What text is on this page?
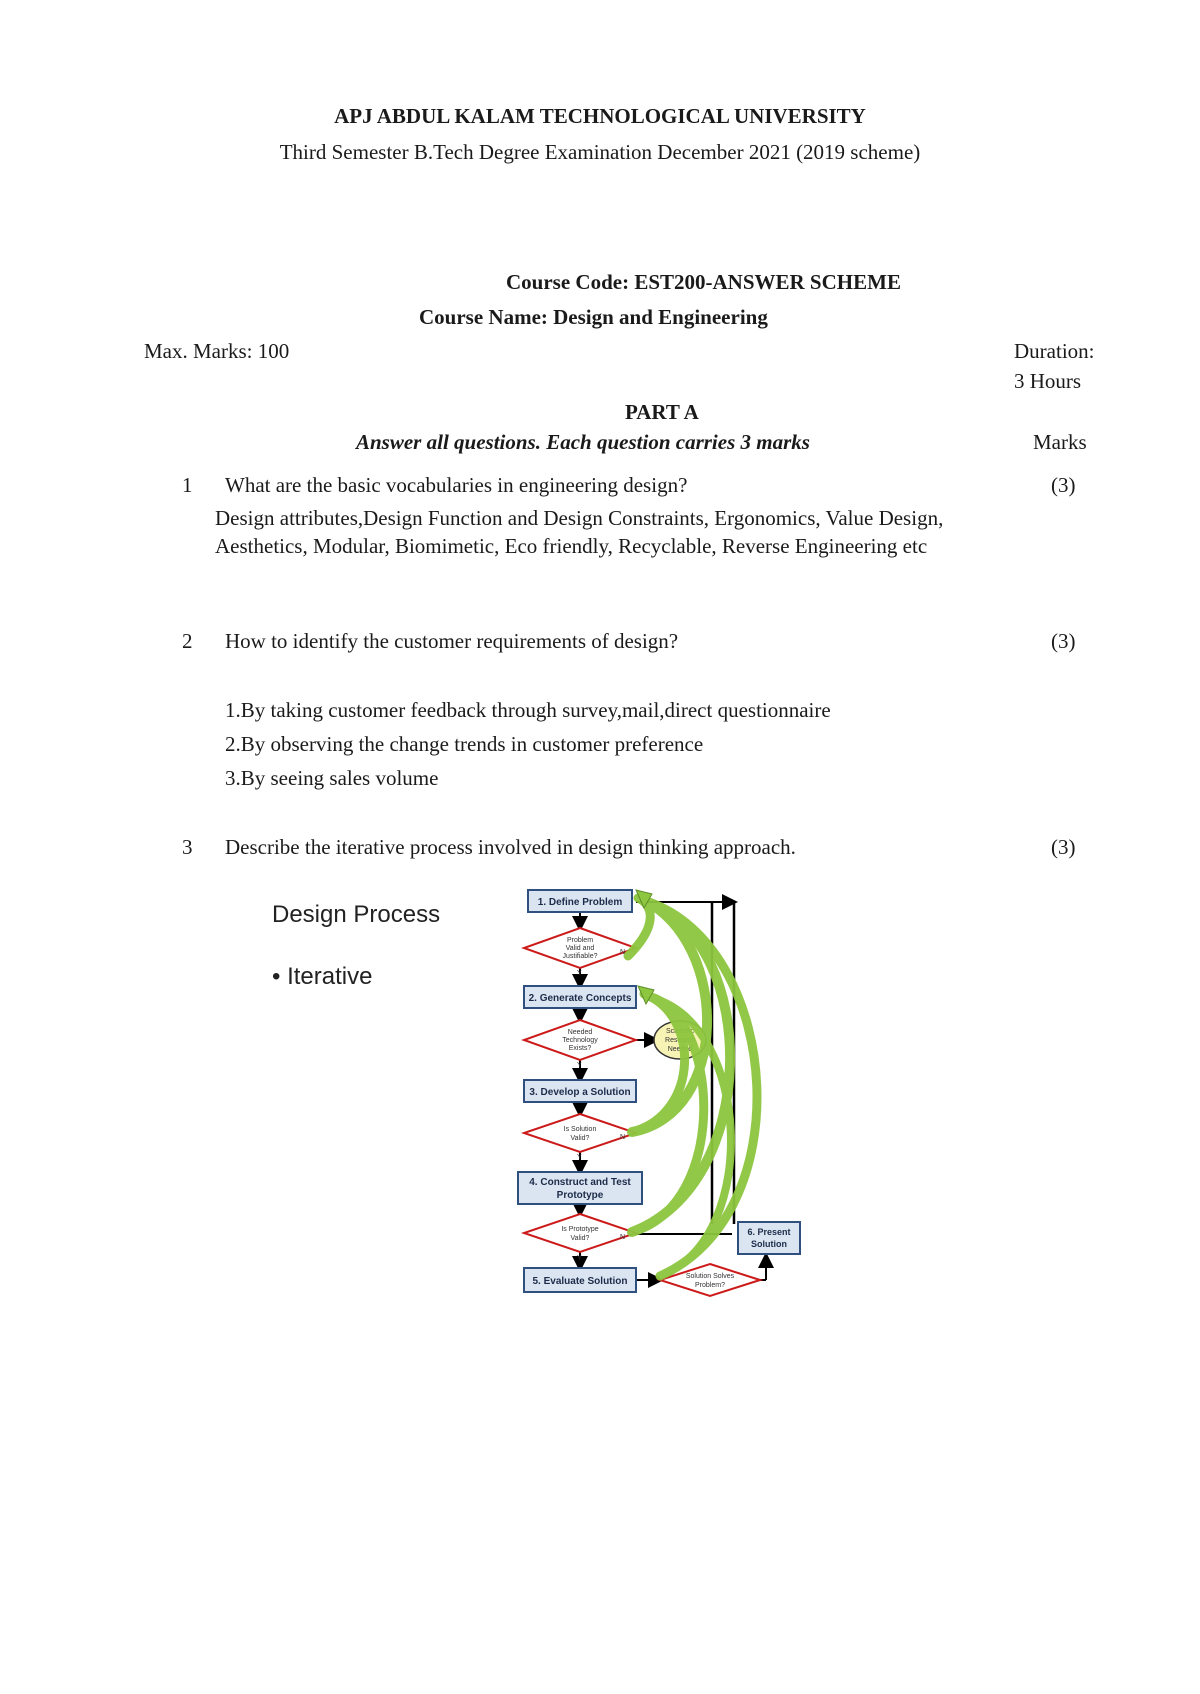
APJ ABDUL KALAM TECHNOLOGICAL UNIVERSITY
Third Semester B.Tech Degree Examination December 2021 (2019 scheme)
Course Code: EST200-ANSWER SCHEME
Course Name: Design and Engineering
Max. Marks: 100	Duration:
3 Hours
PART A
Answer all questions. Each question carries 3 marks	Marks
1 What are the basic vocabularies in engineering design?	(3)
Design attributes,Design Function and Design Constraints, Ergonomics, Value Design, Aesthetics, Modular, Biomimetic, Eco friendly, Recyclable, Reverse Engineering etc
2 How to identify the customer requirements of design?	(3)
1.By taking customer feedback through survey,mail,direct questionnaire
2.By observing the change trends in customer preference
3.By seeing sales volume
3 Describe the iterative process involved in design thinking approach.	(3)
Design Process
• Iterative
1. Define Problem
2. Generate Concepts
3. Develop a Solution
4. Construct and Test
Prototype
5. Evaluate Solution
6. Present
Solution
Problem
Valid and
Justifiable?
Needed
Technology
Exists?
Is Solution
Valid?
Is Prototype
Valid?
Solution Solves
Problem?
N
Y
Y
N
Y
N
Y
Scientific
Research
Needed
